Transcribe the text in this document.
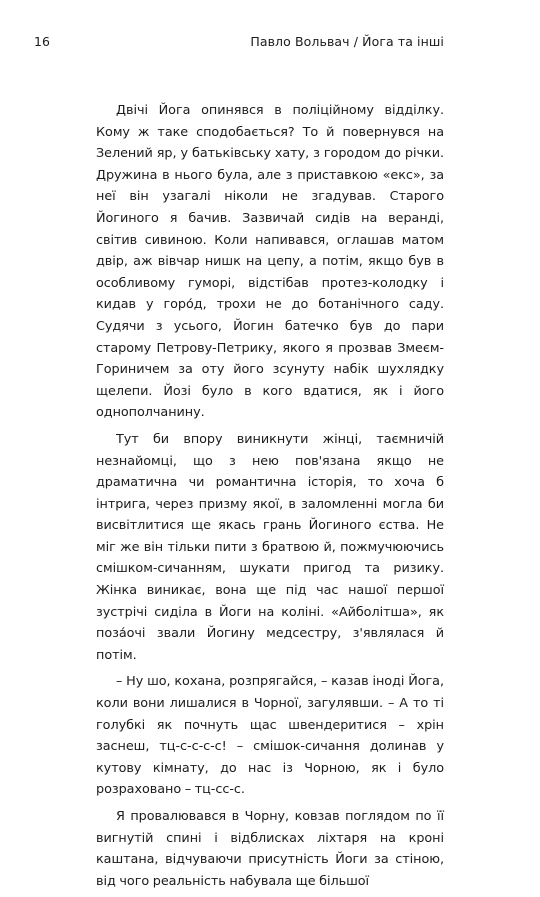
16	Павло Вольвач / Йога та інші

Двічі Йога опинявся в поліційному відділку. Кому ж таке сподобається? То й повернувся на Зелений яр, у батьківську хату, з городом до річки. Дружина в нього була, але з приставкою «екс», за неї він узагалі ніколи не згадував. Старого Йогиного я бачив. Зазвичай сидів на веранді, світив сивиною. Коли напивався, оглашав матом двір, аж вівчар нишк на цепу, а потім, якщо був в особливому гуморі, відстібав протез-колодку і кидав у горо́д, трохи не до ботанічного саду. Судячи з усього, Йогин батечко був до пари старому Петрову-Петрику, якого я прозвав Змеєм-Гориничем за оту його зсунуту набік шухлядку щелепи. Йозі було в кого вдатися, як і його однополчанину.

Тут би впору виникнути жінці, таємничій незнайомці, що з нею пов'язана якщо не драматична чи романтична історія, то хоча б інтрига, через призму якої, в заломленні могла би висвітлитися ще якась грань Йогиного єства. Не міг же він тільки пити з братвою й, пожмучюючись смішком-сичанням, шукати пригод та ризику. Жінка виникає, вона ще під час нашої першої зустрічі сиділа в Йоги на коліні. «Айболітша», як поза́очі звали Йогину медсестру, з'являлася й потім.

– Ну шо, кохана, розпрягайся, – казав іноді Йога, коли вони лишалися в Чорної, загулявши. – А то ті голубкі як почнуть щас швендеритися – хрін заснеш, тц-с-с-с-с! – смішок-сичання долинав у кутову кімнату, до нас із Чорною, як і було розраховано – тц-сс-с.

Я провалювався в Чорну, ковзав поглядом по її вигнутій спині і відблисках ліхтаря на кроні каштана, відчуваючи присутність Йоги за стіною, від чого реальність набувала ще більшої
